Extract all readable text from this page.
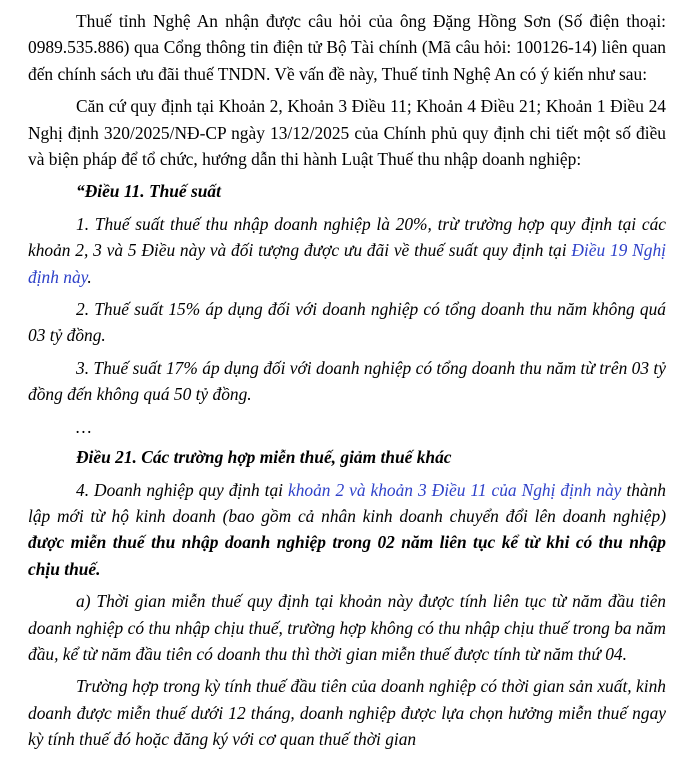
Thuế tỉnh Nghệ An nhận được câu hỏi của ông Đặng Hồng Sơn (Số điện thoại: 0989.535.886) qua Cổng thông tin điện tử Bộ Tài chính (Mã câu hỏi: 100126-14) liên quan đến chính sách ưu đãi thuế TNDN. Về vấn đề này, Thuế tỉnh Nghệ An có ý kiến như sau:

Căn cứ quy định tại Khoản 2, Khoản 3 Điều 11; Khoản 4 Điều 21; Khoản 1 Điều 24 Nghị định 320/2025/NĐ-CP ngày 13/12/2025 của Chính phủ quy định chi tiết một số điều và biện pháp để tổ chức, hướng dẫn thi hành Luật Thuế thu nhập doanh nghiệp:

“Điều 11. Thuế suất

1. Thuế suất thuế thu nhập doanh nghiệp là 20%, trừ trường hợp quy định tại các khoản 2, 3 và 5 Điều này và đối tượng được ưu đãi về thuế suất quy định tại Điều 19 Nghị định này.

2. Thuế suất 15% áp dụng đối với doanh nghiệp có tổng doanh thu năm không quá 03 tỷ đồng.

3. Thuế suất 17% áp dụng đối với doanh nghiệp có tổng doanh thu năm từ trên 03 tỷ đồng đến không quá 50 tỷ đồng.

…

Điều 21. Các trường hợp miễn thuế, giảm thuế khác

4. Doanh nghiệp quy định tại khoản 2 và khoản 3 Điều 11 của Nghị định này thành lập mới từ hộ kinh doanh (bao gồm cả nhân kinh doanh chuyển đổi lên doanh nghiệp) được miễn thuế thu nhập doanh nghiệp trong 02 năm liên tục kể từ khi có thu nhập chịu thuế.

a) Thời gian miễn thuế quy định tại khoản này được tính liên tục từ năm đầu tiên doanh nghiệp có thu nhập chịu thuế, trường hợp không có thu nhập chịu thuế trong ba năm đầu, kể từ năm đầu tiên có doanh thu thì thời gian miễn thuế được tính từ năm thứ 04.

Trường hợp trong kỳ tính thuế đầu tiên của doanh nghiệp có thời gian sản xuất, kinh doanh được miễn thuế dưới 12 tháng, doanh nghiệp được lựa chọn hưởng miễn thuế ngay kỳ tính thuế đó hoặc đăng ký với cơ quan thuế thời gian
